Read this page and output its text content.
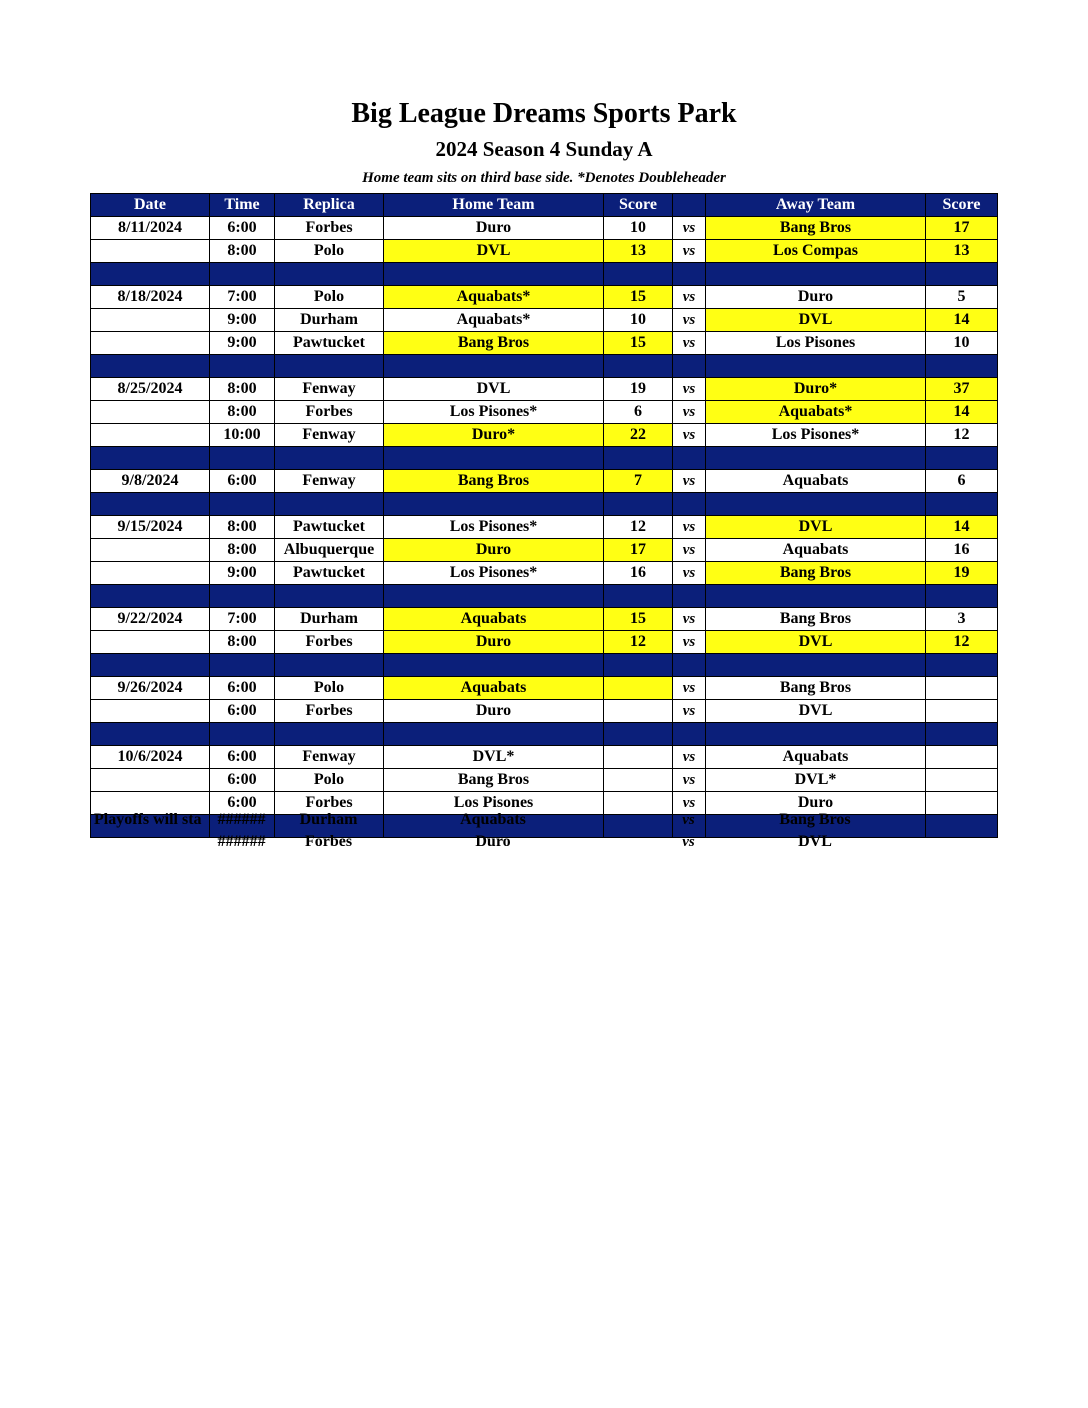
Big League Dreams Sports Park
2024 Season 4 Sunday A
Home team sits on third base side. *Denotes Doubleheader
Date	Time	Replica	Home Team	Score		Away Team	Score
8/11/2024	6:00	Forbes	Duro	10	vs	Bang Bros	17
	8:00	Polo	DVL	13	vs	Los Compas	13

8/18/2024	7:00	Polo	Aquabats*	15	vs	Duro	5
	9:00	Durham	Aquabats*	10	vs	DVL	14
	9:00	Pawtucket	Bang Bros	15	vs	Los Pisones	10

8/25/2024	8:00	Fenway	DVL	19	vs	Duro*	37
	8:00	Forbes	Los Pisones*	6	vs	Aquabats*	14
	10:00	Fenway	Duro*	22	vs	Los Pisones*	12

9/8/2024	6:00	Fenway	Bang Bros	7	vs	Aquabats	6

9/15/2024	8:00	Pawtucket	Los Pisones*	12	vs	DVL	14
	8:00	Albuquerque	Duro	17	vs	Aquabats	16
	9:00	Pawtucket	Los Pisones*	16	vs	Bang Bros	19

9/22/2024	7:00	Durham	Aquabats	15	vs	Bang Bros	3
	8:00	Forbes	Duro	12	vs	DVL	12

9/26/2024	6:00	Polo	Aquabats		vs	Bang Bros	
	6:00	Forbes	Duro		vs	DVL	

10/6/2024	6:00	Fenway	DVL*		vs	Aquabats	
	6:00	Polo	Bang Bros		vs	DVL*	
	6:00	Forbes	Los Pisones		vs	Duro	

Playoffs will sta	######	Durham	Aquabats		vs	Bang Bros	
	######	Forbes	Duro		vs	DVL	
